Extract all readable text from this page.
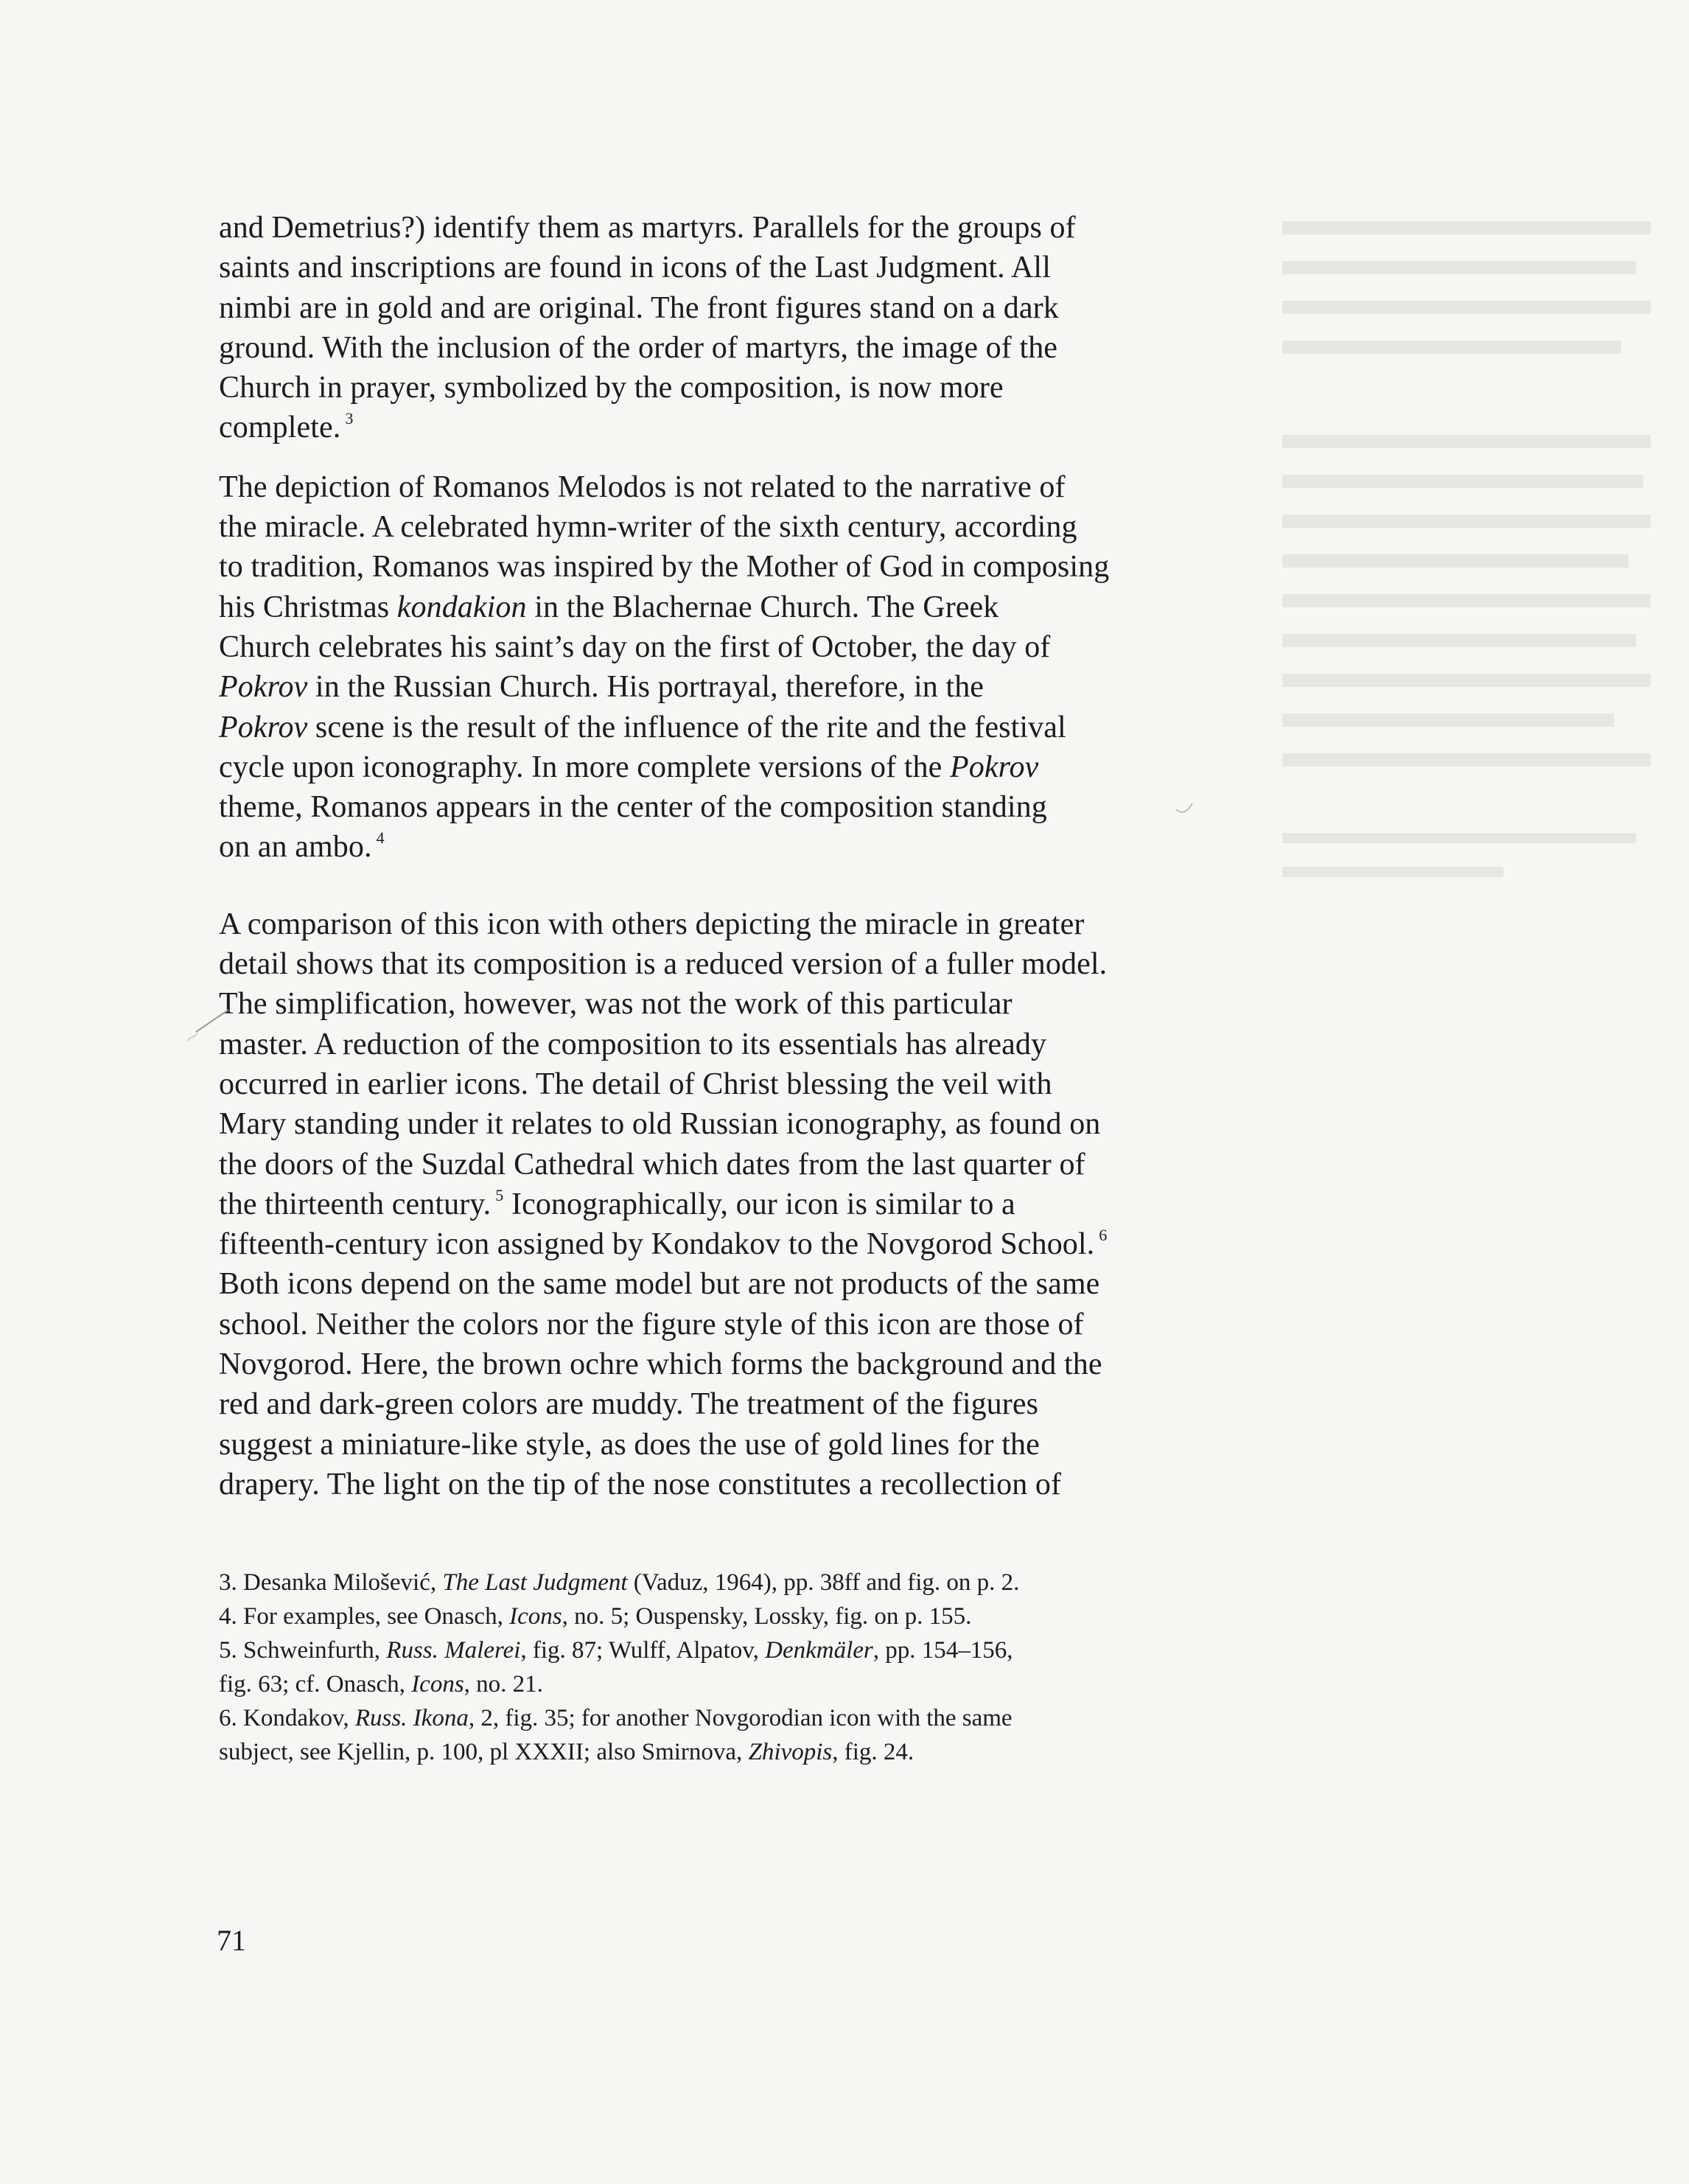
and Demetrius?) identify them as martyrs. Parallels for the groups of
saints and inscriptions are found in icons of the Last Judgment. All
nimbi are in gold and are original. The front figures stand on a dark
ground. With the inclusion of the order of martyrs, the image of the
Church in prayer, symbolized by the composition, is now more
complete. $^3$

The depiction of Romanos Melodos is not related to the narrative of
the miracle. A celebrated hymn-writer of the sixth century, according
to tradition, Romanos was inspired by the Mother of God in composing
his Christmas kondakion in the Blachernae Church. The Greek
Church celebrates his saint’s day on the first of October, the day of
Pokrov in the Russian Church. His portrayal, therefore, in the
Pokrov scene is the result of the influence of the rite and the festival
cycle upon iconography. In more complete versions of the Pokrov
theme, Romanos appears in the center of the composition standing
on an ambo. $^4$

A comparison of this icon with others depicting the miracle in greater
detail shows that its composition is a reduced version of a fuller model.
The simplification, however, was not the work of this particular
master. A reduction of the composition to its essentials has already
occurred in earlier icons. The detail of Christ blessing the veil with
Mary standing under it relates to old Russian iconography, as found on
the doors of the Suzdal Cathedral which dates from the last quarter of
the thirteenth century. $^5$ Iconographically, our icon is similar to a
fifteenth-century icon assigned by Kondakov to the Novgorod School. $^6$
Both icons depend on the same model but are not products of the same
school. Neither the colors nor the figure style of this icon are those of
Novgorod. Here, the brown ochre which forms the background and the
red and dark-green colors are muddy. The treatment of the figures
suggest a miniature-like style, as does the use of gold lines for the
drapery. The light on the tip of the nose constitutes a recollection of

3. Desanka Milošević, The Last Judgment (Vaduz, 1964), pp. 38ff and fig. on p. 2.
4. For examples, see Onasch, Icons, no. 5; Ouspensky, Lossky, fig. on p. 155.
5. Schweinfurth, Russ. Malerei, fig. 87; Wulff, Alpatov, Denkmäler, pp. 154–156,
fig. 63; cf. Onasch, Icons, no. 21.
6. Kondakov, Russ. Ikona, 2, fig. 35; for another Novgorodian icon with the same
subject, see Kjellin, p. 100, pl XXXII; also Smirnova, Zhivopis, fig. 24.
71
